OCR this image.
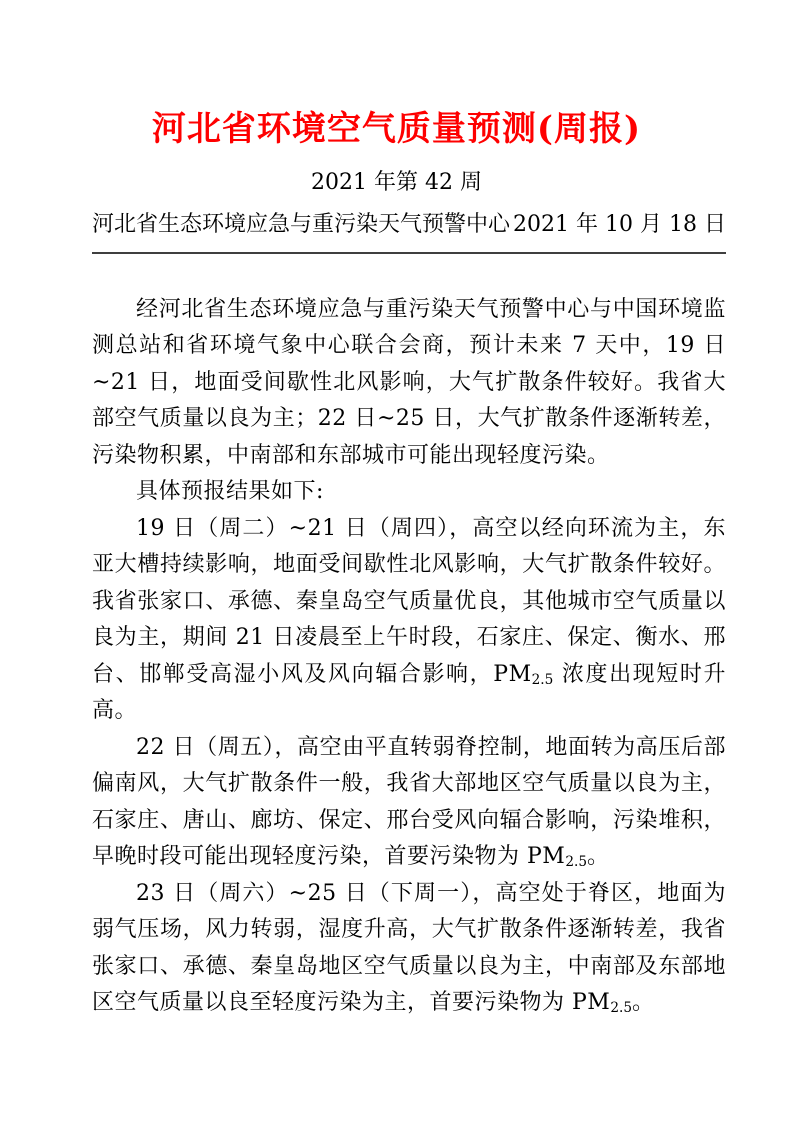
河北省环境空气质量预测(周报)
2021 年第 42 周
河北省生态环境应急与重污染天气预警中心 2021 年 10 月 18 日

经河北省生态环境应急与重污染天气预警中心与中国环境监测总站和省环境气象中心联合会商，预计未来 7 天中，19 日~21 日，地面受间歇性北风影响，大气扩散条件较好。我省大部空气质量以良为主；22 日~25 日，大气扩散条件逐渐转差，污染物积累，中南部和东部城市可能出现轻度污染。

具体预报结果如下:

19 日（周二）~21 日（周四），高空以经向环流为主，东亚大槽持续影响，地面受间歇性北风影响，大气扩散条件较好。我省张家口、承德、秦皇岛空气质量优良，其他城市空气质量以良为主，期间 21 日凌晨至上午时段，石家庄、保定、衡水、邢台、邯郸受高湿小风及风向辐合影响，$PM_{2.5}$ 浓度出现短时升高。

22 日（周五），高空由平直转弱脊控制，地面转为高压后部偏南风，大气扩散条件一般，我省大部地区空气质量以良为主，石家庄、唐山、廊坊、保定、邢台受风向辐合影响，污染堆积，早晚时段可能出现轻度污染，首要污染物为 $PM_{2.5}$。

23 日（周六）~25 日（下周一），高空处于脊区，地面为弱气压场，风力转弱，湿度升高，大气扩散条件逐渐转差，我省张家口、承德、秦皇岛地区空气质量以良为主，中南部及东部地区空气质量以良至轻度污染为主，首要污染物为 $PM_{2.5}$。
